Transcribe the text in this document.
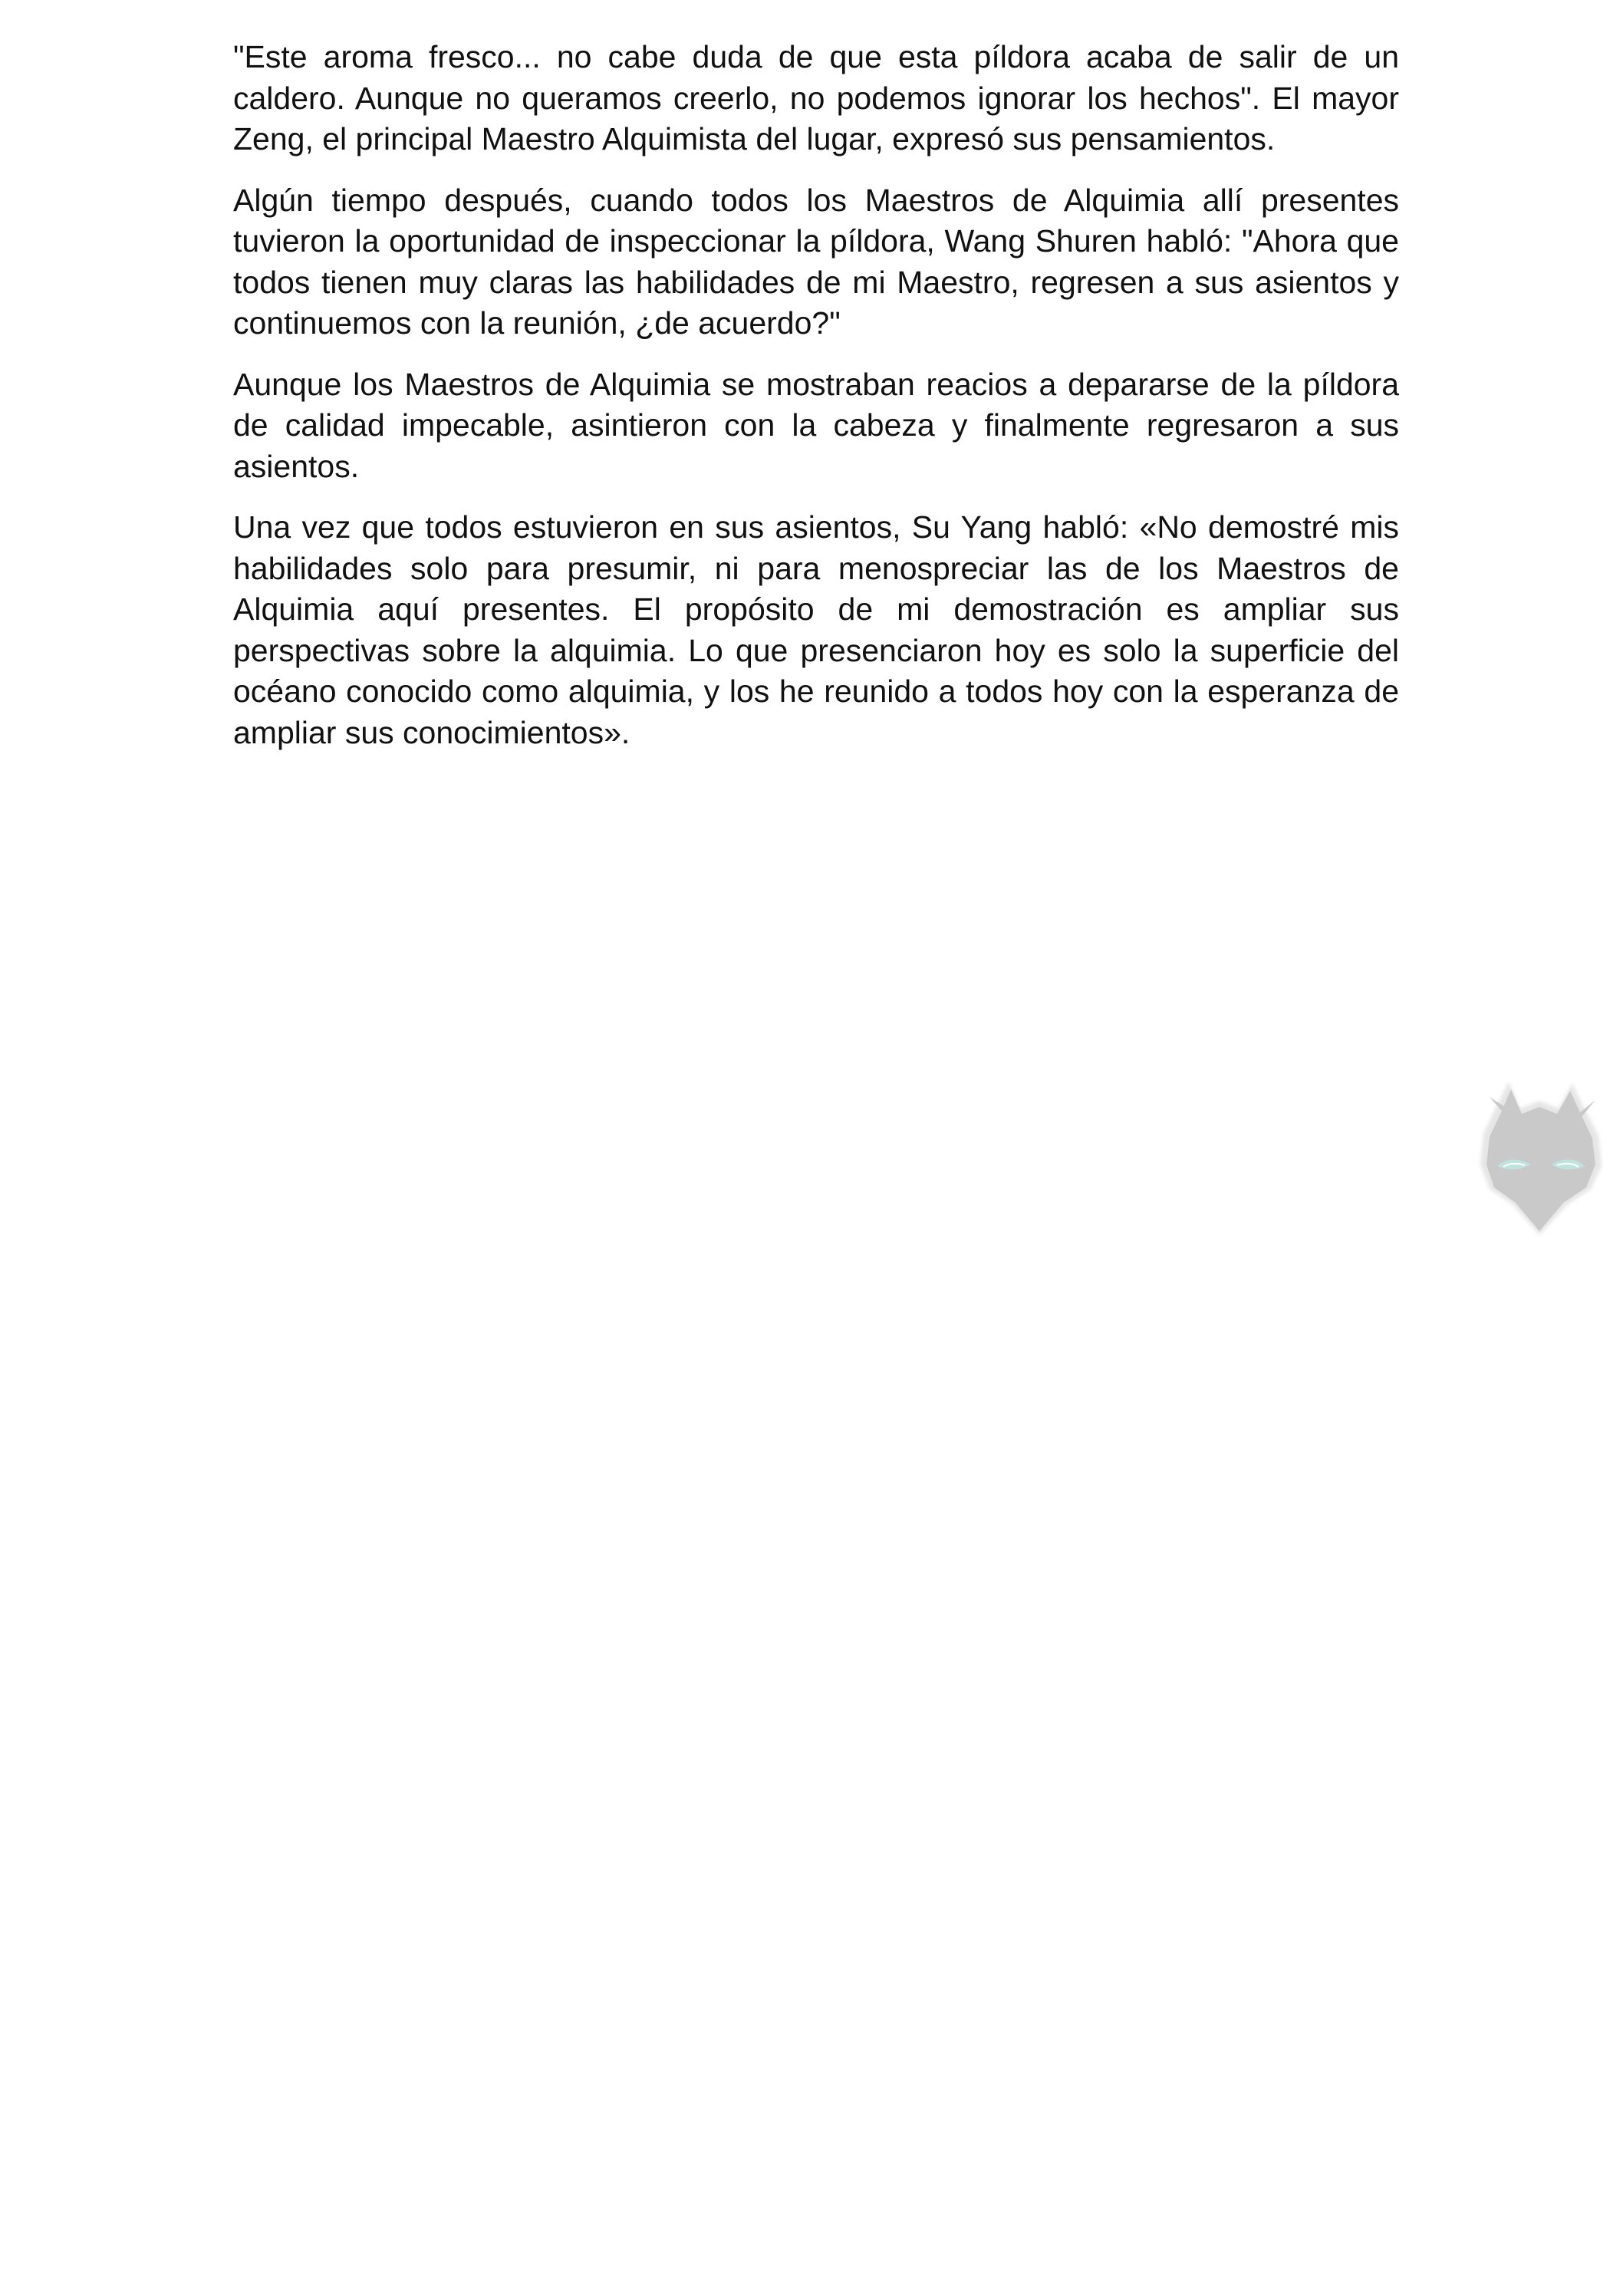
"Este aroma fresco... no cabe duda de que esta píldora acaba de salir de un caldero. Aunque no queramos creerlo, no podemos ignorar los hechos". El mayor Zeng, el principal Maestro Alquimista del lugar, expresó sus pensamientos.

Algún tiempo después, cuando todos los Maestros de Alquimia allí presentes tuvieron la oportunidad de inspeccionar la píldora, Wang Shuren habló: "Ahora que todos tienen muy claras las habilidades de mi Maestro, regresen a sus asientos y continuemos con la reunión, ¿de acuerdo?"

Aunque los Maestros de Alquimia se mostraban reacios a depararse de la píldora de calidad impecable, asintieron con la cabeza y finalmente regresaron a sus asientos.

Una vez que todos estuvieron en sus asientos, Su Yang habló: «No demostré mis habilidades solo para presumir, ni para menospreciar las de los Maestros de Alquimia aquí presentes. El propósito de mi demostración es ampliar sus perspectivas sobre la alquimia. Lo que presenciaron hoy es solo la superficie del océano conocido como alquimia, y los he reunido a todos hoy con la esperanza de ampliar sus conocimientos».
